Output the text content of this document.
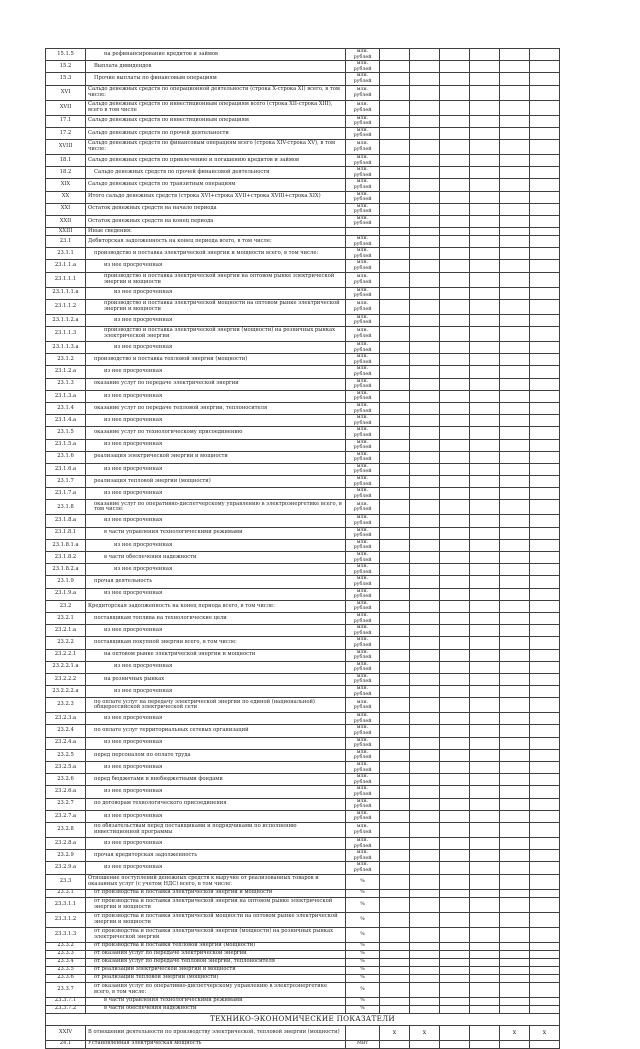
15.1.5	на рефинансирование кредитов и займов	млн. рублей						
15.2	Выплата дивидендов	млн. рублей						
15.3	Прочие выплаты по финансовым операциям	млн. рублей						
XVI	Сальдо денежных средств по операционной деятельности (строка X-строка XI) всего, в том числе:	млн. рублей						
XVII	Сальдо денежных средств по инвестиционным операциям всего (строка XII-строка XIII), всего в том числе	млн. рублей						
17.1	Сальдо денежных средств по инвестиционным операциям	млн. рублей						
17.2	Сальдо денежных средств по прочей деятельности	млн. рублей						
XVIII	Сальдо денежных средств по финансовым операциям всего (строка XIV-строка XV), в том числе:	млн. рублей						
18.1	Сальдо денежных средств по привлечению и погашению кредитов и займов	млн. рублей						
18.2	Сальдо денежных средств по прочей финансовой деятельности	млн. рублей						
XIX	Сальдо денежных средств по транзитным операциям	млн. рублей						
XX	Итого сальдо денежных средств (строка XVI+строка XVII+строка XVIII+строка XIX)	млн. рублей						
XXI	Остаток денежных средств на начало периода	млн. рублей						
XXII	Остаток денежных средств на конец периода	млн. рублей						
XXIII	Иные сведения:							
23.1	Дебиторская задолженность на конец периода всего, в том числе:	млн. рублей						
23.1.1	производство и поставка электрической энергии и мощности всего, в том числе:	млн. рублей						
23.1.1.а	из нее просроченная	млн. рублей						
23.1.1.1	производство и поставка электрической энергии на оптовом рынке электрической энергии и мощности	млн. рублей						
23.1.1.1.а	из нее просроченная	млн. рублей						
23.1.1.2	производство и поставка электрической мощности на оптовом рынке электрической энергии и мощности	млн. рублей						
23.1.1.2.а	из нее просроченная	млн. рублей						
23.1.1.3	производство и поставка электрической энергии (мощности) на розничных рынках электрической энергии	млн. рублей						
23.1.1.3.а	из нее просроченная	млн. рублей						
23.1.2	производство и поставка тепловой энергии (мощности)	млн. рублей						
23.1.2.а	из нее просроченная	млн. рублей						
23.1.3	оказание услуг по передаче электрической энергии	млн. рублей						
23.1.3.а	из нее просроченная	млн. рублей						
23.1.4	оказание услуг по передаче тепловой энергии, теплоносителя	млн. рублей						
23.1.4.а	из нее просроченная	млн. рублей						
23.1.5	оказание услуг по технологическому присоединению	млн. рублей						
23.1.5.а	из нее просроченная	млн. рублей						
23.1.6	реализация электрической энергии и мощности	млн. рублей						
23.1.6.а	из нее просроченная	млн. рублей						
23.1.7	реализация тепловой энергии (мощности)	млн. рублей						
23.1.7.а	из нее просроченная	млн. рублей						
23.1.8	оказание услуг по оперативно-диспетчерскому управлению в электроэнергетике всего, в том числе:	млн. рублей						
23.1.8.а	из нее просроченная	млн. рублей						
23.1.8.1	в части управления технологическими режимами	млн. рублей						
23.1.8.1.а	из нее просроченная	млн. рублей						
23.1.8.2	в части обеспечения надежности	млн. рублей						
23.1.8.2.а	из нее просроченная	млн. рублей						
23.1.9	прочая деятельность	млн. рублей						
23.1.9.а	из нее просроченная	млн. рублей						
23.2	Кредиторская задолженность на конец периода всего, в том числе:	млн. рублей						
23.2.1	поставщикам топлива на технологические цели	млн. рублей						
23.2.1.а	из нее просроченная	млн. рублей						
23.2.2	поставщикам покупной энергии всего, в том числе:	млн. рублей						
23.2.2.1	на оптовом рынке электрической энергии и мощности	млн. рублей						
23.2.2.1.а	из нее просроченная	млн. рублей						
23.2.2.2	на розничных рынках	млн. рублей						
23.2.2.2.а	из нее просроченная	млн. рублей						
23.2.3	по оплате услуг на передачу электрической энергии по единой (национальной) общероссийской электрической сети	млн. рублей						
23.2.3.а	из нее просроченная	млн. рублей						
23.2.4	по оплате услуг территориальных сетевых организаций	млн. рублей						
23.2.4.а	из нее просроченная	млн. рублей						
23.2.5	перед персоналом по оплате труда	млн. рублей						
23.2.5.а	из нее просроченная	млн. рублей						
23.2.6	перед бюджетами и внебюджетными фондами	млн. рублей						
23.2.6.а	из нее просроченная	млн. рублей						
23.2.7	по договорам технологического присоединения	млн. рублей						
23.2.7.а	из нее просроченная	млн. рублей						
23.2.8	по обязательствам перед поставщиками и подрядчиками по исполнению инвестиционной программы	млн. рублей						
23.2.8.а	из нее просроченная	млн. рублей						
23.2.9	прочая кредиторская задолженность	млн. рублей						
23.2.9.а	из нее просроченная	млн. рублей						
23.3	Отношение поступлений денежных средств к выручке от реализованных товаров и оказанных услуг (с учетом НДС) всего, в том числе:	%						
23.3.1	от производства и поставки электрической энергии и мощности	%						
23.3.1.1	от производства и поставки электрической энергии на оптовом рынке электрической энергии и мощности	%						
23.3.1.2	от производства и поставки электрической мощности на оптовом рынке электрической энергии и мощности	%						
23.3.1.3	от производства и поставки электрической энергии (мощности) на розничных рынках электрической энергии	%						
23.3.2	от производства и поставки тепловой энергии (мощности)	%						
23.3.3	от оказания услуг по передаче электрической энергии	%						
23.3.4	от оказания услуг по передаче тепловой энергии, теплоносителя	%						
23.3.5	от реализации электрической энергии и мощности	%						
23.3.6	от реализации тепловой энергии (мощности)	%						
23.3.7	от оказания услуг по оперативно-диспетчерскому управлению в электроэнергетике всего, в том числе:	%						
23.3.7.1	в части управления технологическими режимами	%						
23.3.7.2	в части обеспечения надежности	%						
ТЕХНИКО-ЭКОНОМИЧЕСКИЕ ПОКАЗАТЕЛИ								
XXIV	В отношении деятельности по производству электрической, тепловой энергии (мощности)		x	x			x	x
24.1	Установленная электрическая мощность	МВт						
